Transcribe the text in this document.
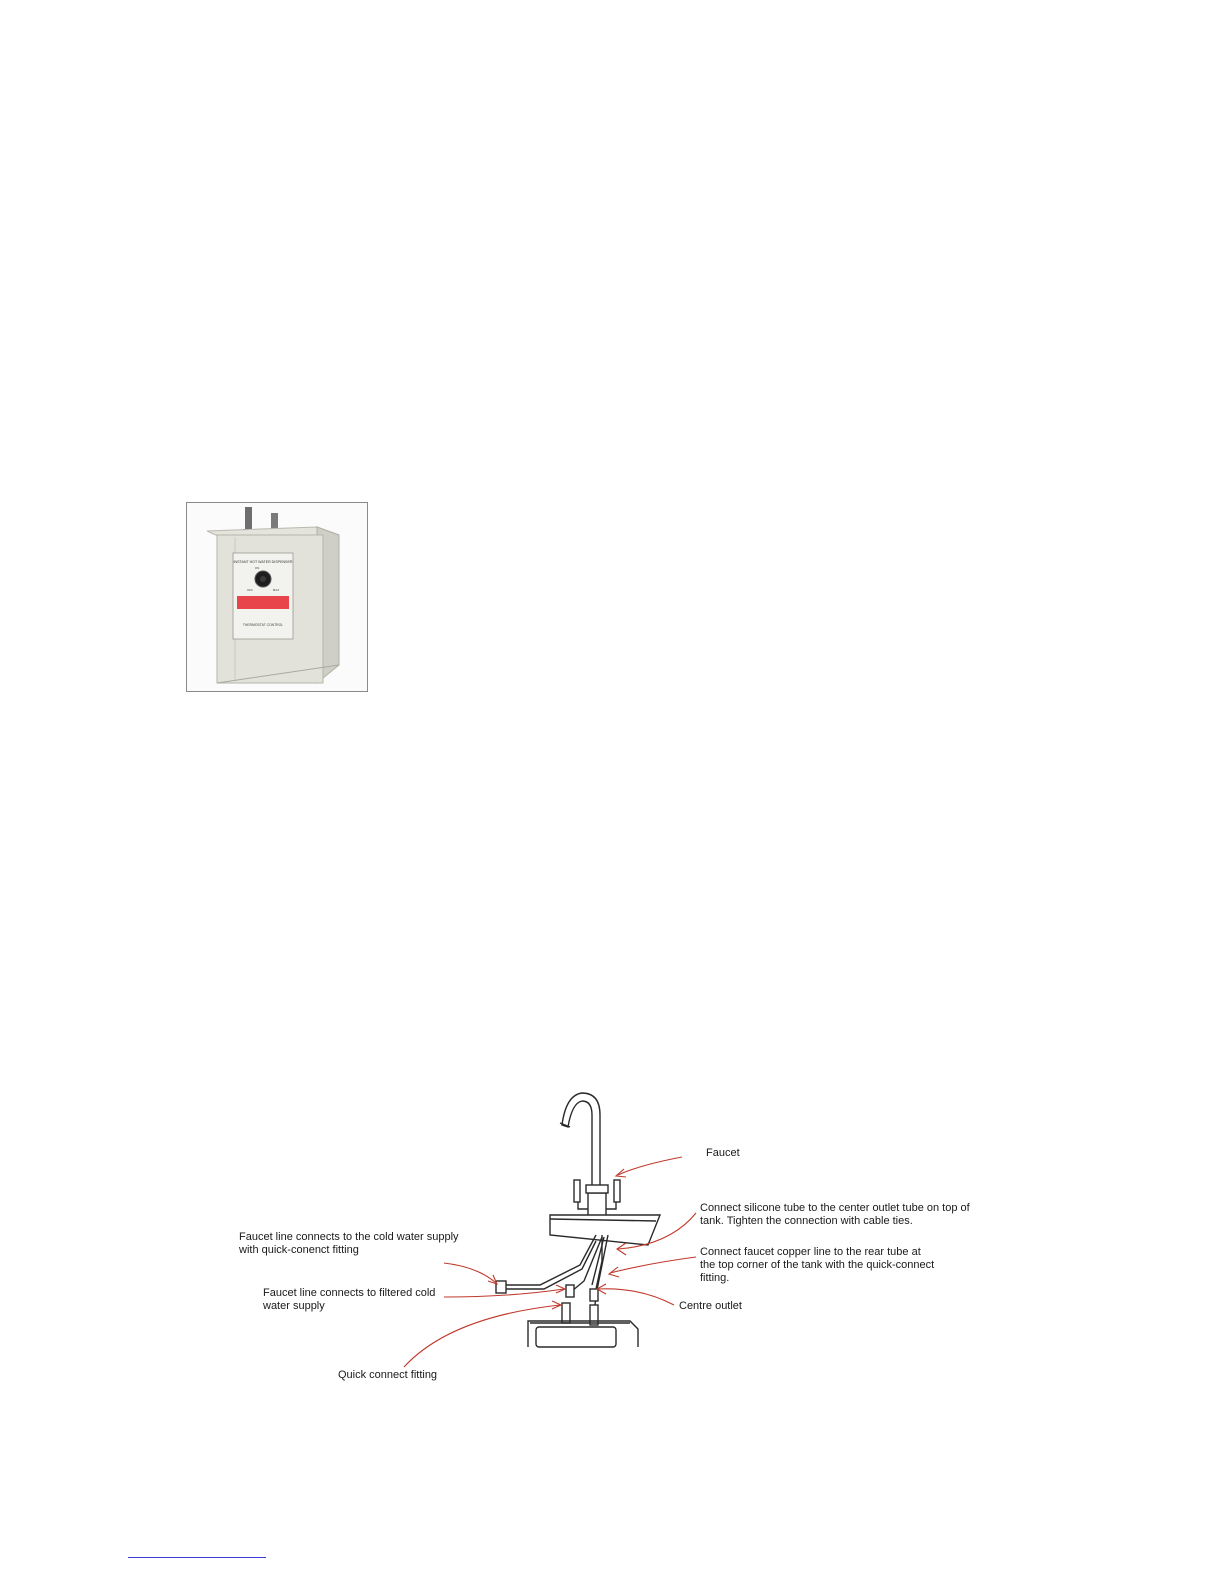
INSTANT HOT WATER DISPENSER
ON
OFF	MAX
THERMOSTAT CONTROL
Faucet
Connect silicone tube to the center outlet tube on top of
tank. Tighten the connection with cable ties.
Connect faucet copper line to the rear tube at
the top corner of the tank with the quick-connect
fitting.
Faucet line connects to the cold water supply
with quick-conenct fitting
Faucet line connects to filtered cold
water supply	Centre outlet
Quick connect fitting
